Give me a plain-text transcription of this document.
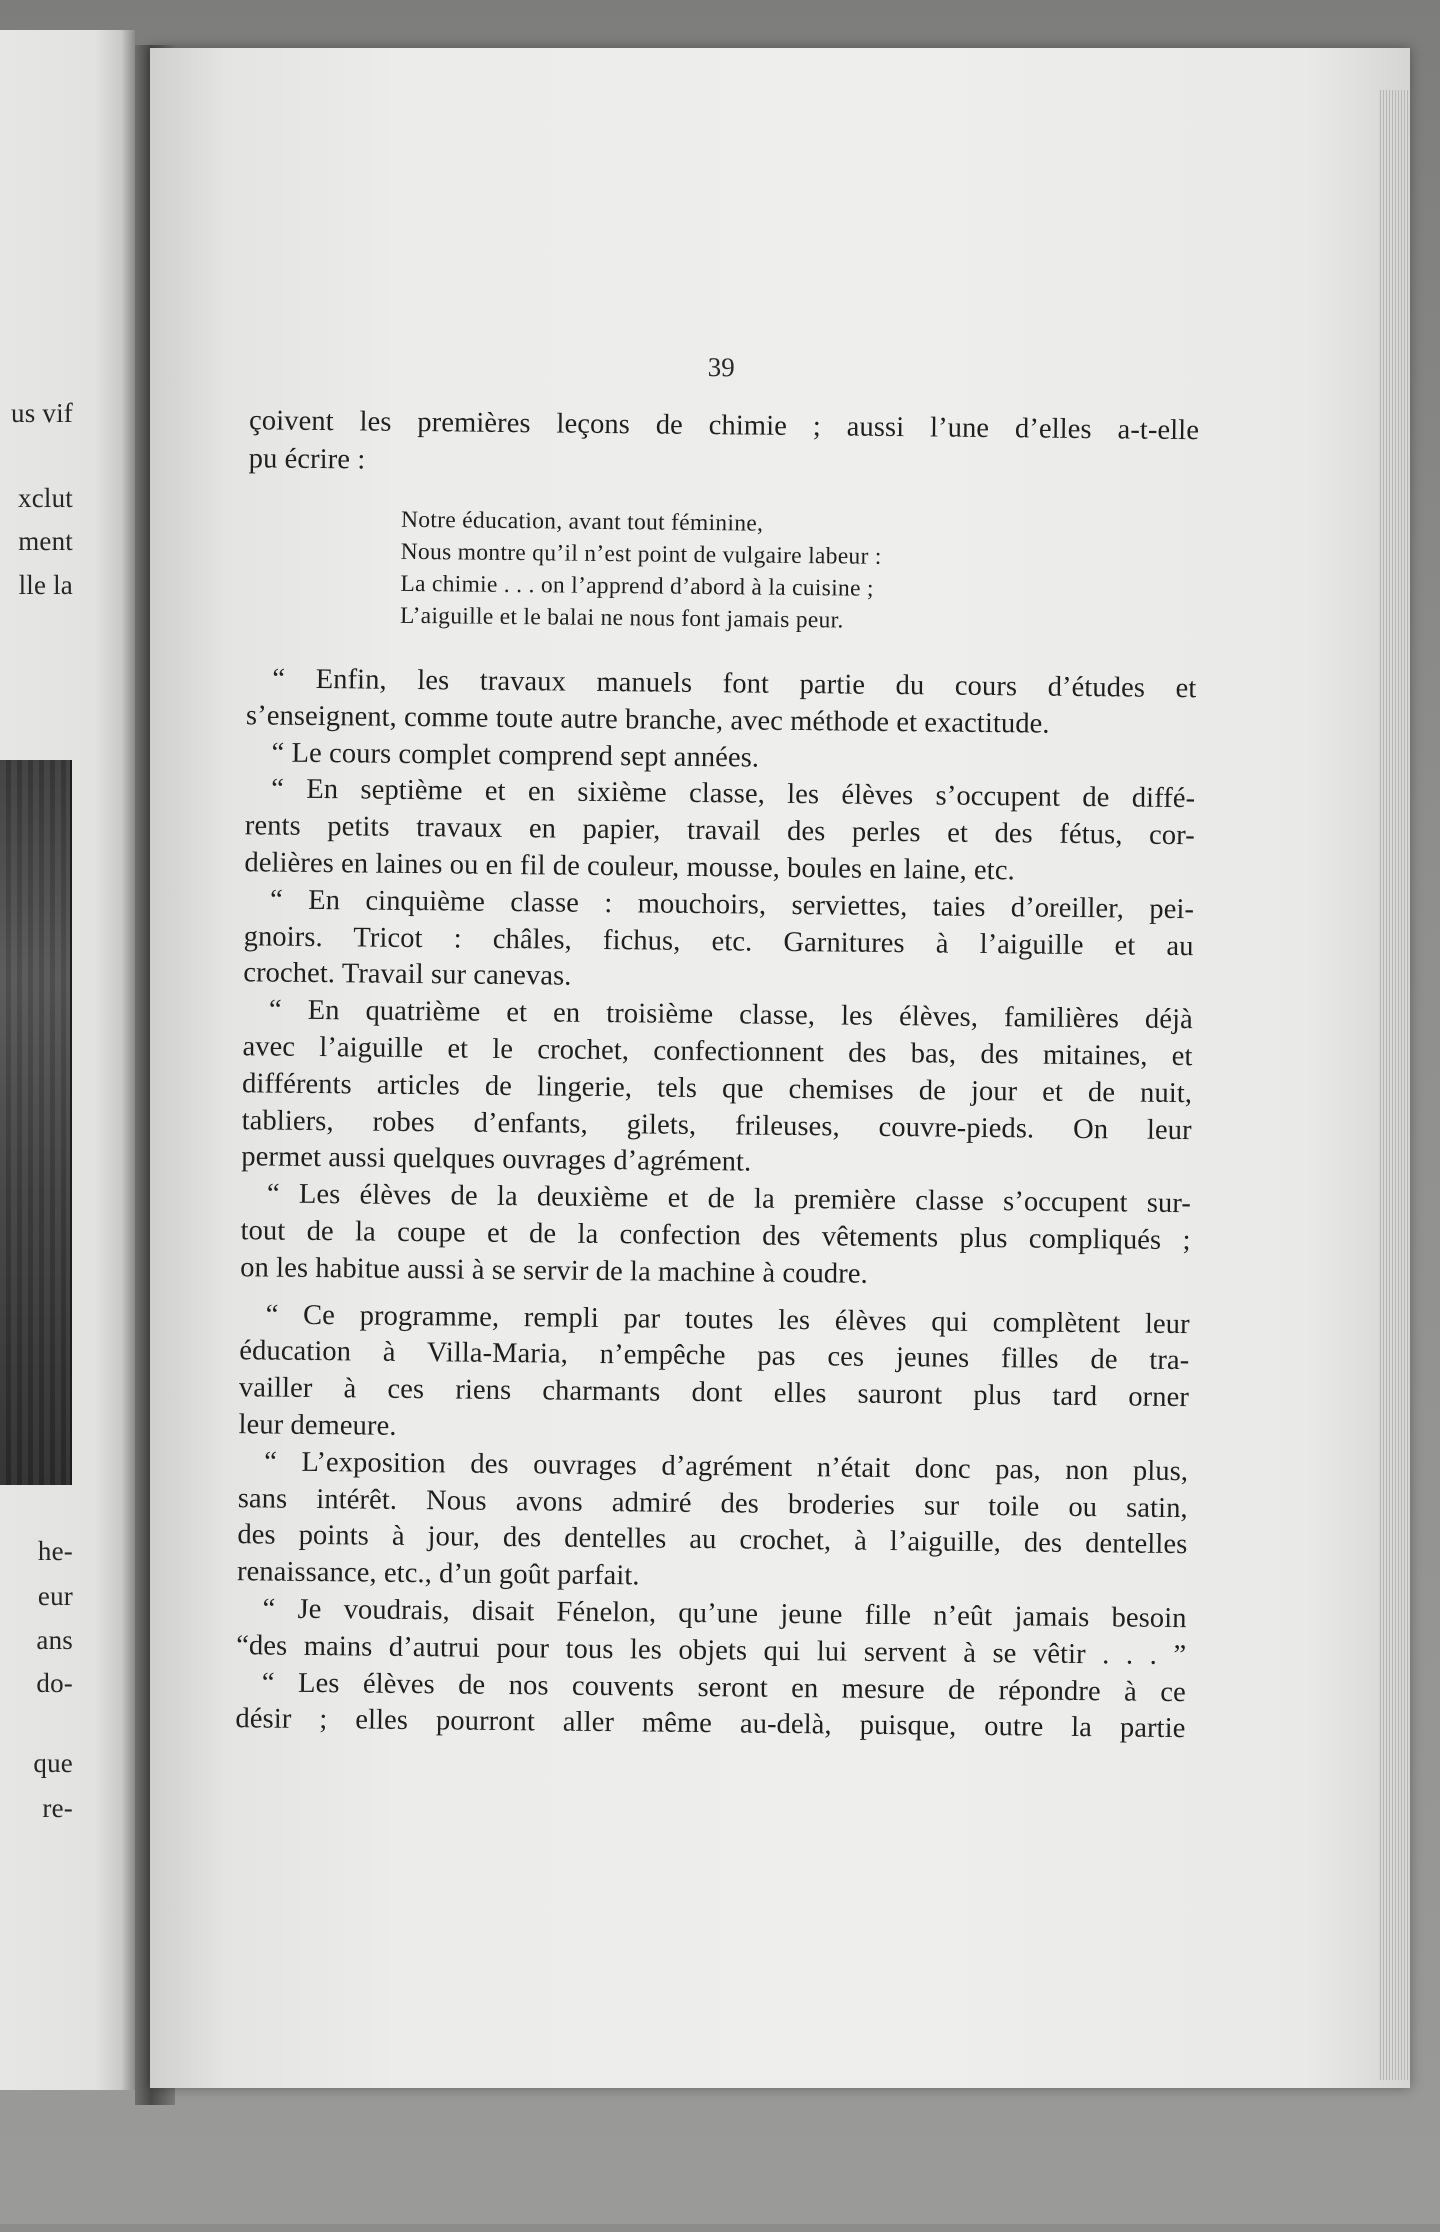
us vif
xclut
ment
lle la
he-
eur
ans
do-
que
re-
39
çoivent les premières leçons de chimie ; aussi l’une d’elles a-t-elle
pu écrire :
Notre éducation, avant tout féminine,
Nous montre qu’il n’est point de vulgaire labeur :
La chimie . . . on l’apprend d’abord à la cuisine ;
L’aiguille et le balai ne nous font jamais peur.
“ Enfin, les travaux manuels font partie du cours d’études et
s’enseignent, comme toute autre branche, avec méthode et exactitude.
“ Le cours complet comprend sept années.
“ En septième et en sixième classe, les élèves s’occupent de diffé-
rents petits travaux en papier, travail des perles et des fétus, cor-
delières en laines ou en fil de couleur, mousse, boules en laine, etc.
“ En cinquième classe : mouchoirs, serviettes, taies d’oreiller, pei-
gnoirs. Tricot : châles, fichus, etc. Garnitures à l’aiguille et au
crochet. Travail sur canevas.
“ En quatrième et en troisième classe, les élèves, familières déjà
avec l’aiguille et le crochet, confectionnent des bas, des mitaines, et
différents articles de lingerie, tels que chemises de jour et de nuit,
tabliers, robes d’enfants, gilets, frileuses, couvre-pieds. On leur
permet aussi quelques ouvrages d’agrément.
“ Les élèves de la deuxième et de la première classe s’occupent sur-
tout de la coupe et de la confection des vêtements plus compliqués ;
on les habitue aussi à se servir de la machine à coudre.
“ Ce programme, rempli par toutes les élèves qui complètent leur
éducation à Villa-Maria, n’empêche pas ces jeunes filles de tra-
vailler à ces riens charmants dont elles sauront plus tard orner
leur demeure.
“ L’exposition des ouvrages d’agrément n’était donc pas, non plus,
sans intérêt. Nous avons admiré des broderies sur toile ou satin,
des points à jour, des dentelles au crochet, à l’aiguille, des dentelles
renaissance, etc., d’un goût parfait.
“ Je voudrais, disait Fénelon, qu’une jeune fille n’eût jamais besoin
“des mains d’autrui pour tous les objets qui lui servent à se vêtir . . . ”
“ Les élèves de nos couvents seront en mesure de répondre à ce
désir ; elles pourront aller même au-delà, puisque, outre la partie
